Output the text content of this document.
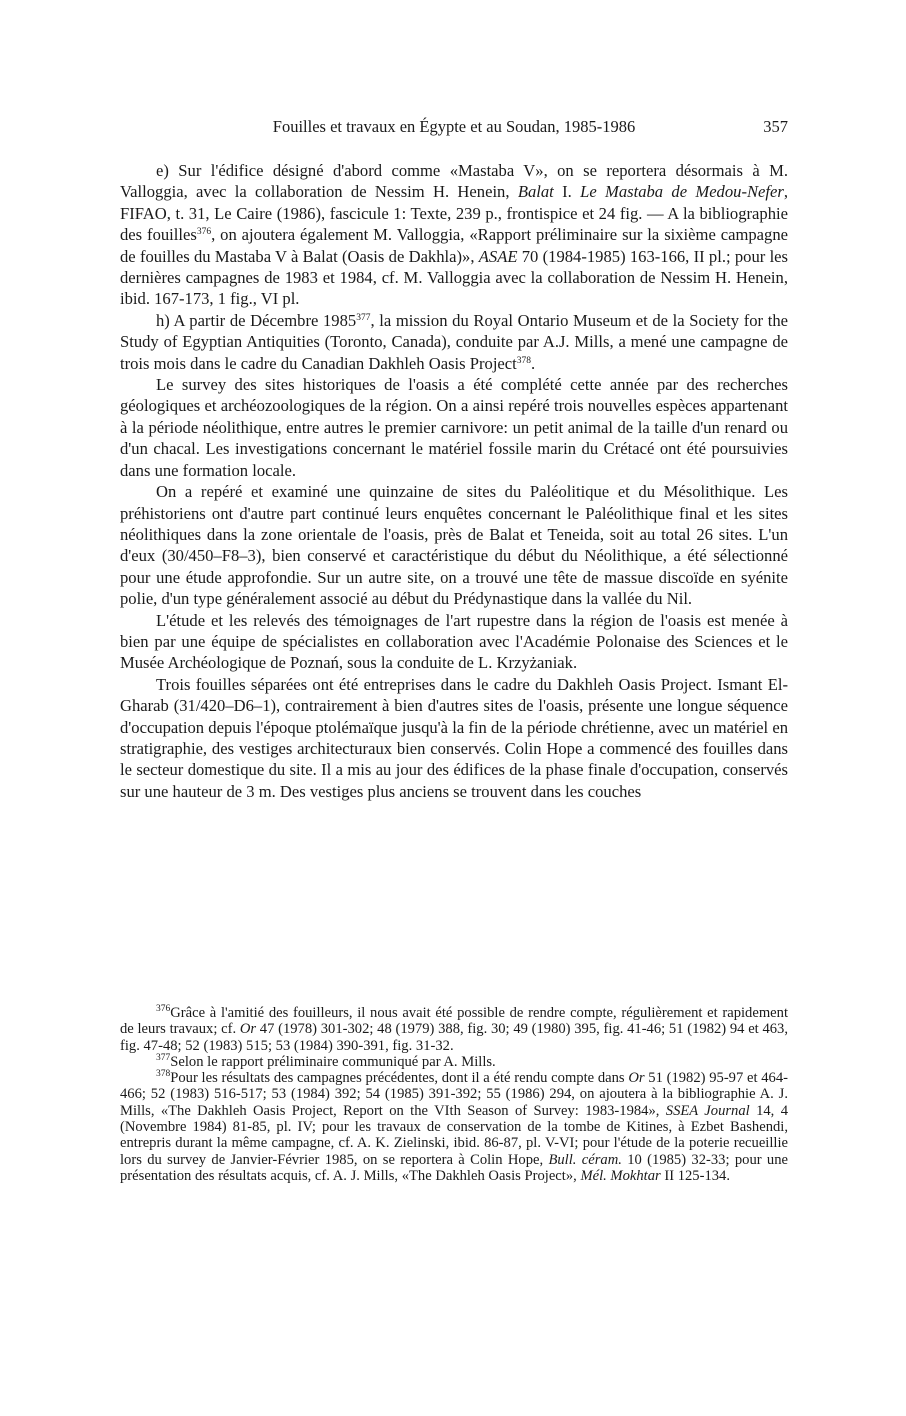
Fouilles et travaux en Égypte et au Soudan, 1985-1986	357

e) Sur l'édifice désigné d'abord comme «Mastaba V», on se reportera désormais à M. Valloggia, avec la collaboration de Nessim H. Henein, Balat I. Le Mastaba de Medou-Nefer, FIFAO, t. 31, Le Caire (1986), fascicule 1: Texte, 239 p., frontispice et 24 fig. — A la bibliographie des fouilles$^{376}$, on ajoutera également M. Valloggia, «Rapport préliminaire sur la sixième campagne de fouilles du Mastaba V à Balat (Oasis de Dakhla)», ASAE 70 (1984-1985) 163-166, II pl.; pour les dernières campagnes de 1983 et 1984, cf. M. Valloggia avec la collaboration de Nessim H. Henein, ibid. 167-173, 1 fig., VI pl.

h) A partir de Décembre 1985$^{377}$, la mission du Royal Ontario Museum et de la Society for the Study of Egyptian Antiquities (Toronto, Canada), conduite par A.J. Mills, a mené une campagne de trois mois dans le cadre du Canadian Dakhleh Oasis Project$^{378}$.

Le survey des sites historiques de l'oasis a été complété cette année par des recherches géologiques et archéozoologiques de la région. On a ainsi repéré trois nouvelles espèces appartenant à la période néolithique, entre autres le premier carnivore: un petit animal de la taille d'un renard ou d'un chacal. Les investigations concernant le matériel fossile marin du Crétacé ont été poursuivies dans une formation locale.

On a repéré et examiné une quinzaine de sites du Paléolitique et du Mésolithique. Les préhistoriens ont d'autre part continué leurs enquêtes concernant le Paléolithique final et les sites néolithiques dans la zone orientale de l'oasis, près de Balat et Teneida, soit au total 26 sites. L'un d'eux (30/450–F8–3), bien conservé et caractéristique du début du Néolithique, a été sélectionné pour une étude approfondie. Sur un autre site, on a trouvé une tête de massue discoïde en syénite polie, d'un type généralement associé au début du Prédynastique dans la vallée du Nil.

L'étude et les relevés des témoignages de l'art rupestre dans la région de l'oasis est menée à bien par une équipe de spécialistes en collaboration avec l'Académie Polonaise des Sciences et le Musée Archéologique de Poznań, sous la conduite de L. Krzyżaniak.

Trois fouilles séparées ont été entreprises dans le cadre du Dakhleh Oasis Project. Ismant El-Gharab (31/420–D6–1), contrairement à bien d'autres sites de l'oasis, présente une longue séquence d'occupation depuis l'époque ptolémaïque jusqu'à la fin de la période chrétienne, avec un matériel en stratigraphie, des vestiges architecturaux bien conservés. Colin Hope a commencé des fouilles dans le secteur domestique du site. Il a mis au jour des édifices de la phase finale d'occupation, conservés sur une hauteur de 3 m. Des vestiges plus anciens se trouvent dans les couches

$^{376}$Grâce à l'amitié des fouilleurs, il nous avait été possible de rendre compte, régulièrement et rapidement de leurs travaux; cf. Or 47 (1978) 301-302; 48 (1979) 388, fig. 30; 49 (1980) 395, fig. 41-46; 51 (1982) 94 et 463, fig. 47-48; 52 (1983) 515; 53 (1984) 390-391, fig. 31-32.

$^{377}$Selon le rapport préliminaire communiqué par A. Mills.

$^{378}$Pour les résultats des campagnes précédentes, dont il a été rendu compte dans Or 51 (1982) 95-97 et 464-466; 52 (1983) 516-517; 53 (1984) 392; 54 (1985) 391-392; 55 (1986) 294, on ajoutera à la bibliographie A. J. Mills, «The Dakhleh Oasis Project, Report on the VIth Season of Survey: 1983-1984», SSEA Journal 14, 4 (Novembre 1984) 81-85, pl. IV; pour les travaux de conservation de la tombe de Kitines, à Ezbet Bashendi, entrepris durant la même campagne, cf. A. K. Zielinski, ibid. 86-87, pl. V-VI; pour l'étude de la poterie recueillie lors du survey de Janvier-Février 1985, on se reportera à Colin Hope, Bull. céram. 10 (1985) 32-33; pour une présentation des résultats acquis, cf. A. J. Mills, «The Dakhleh Oasis Project», Mél. Mokhtar II 125-134.
